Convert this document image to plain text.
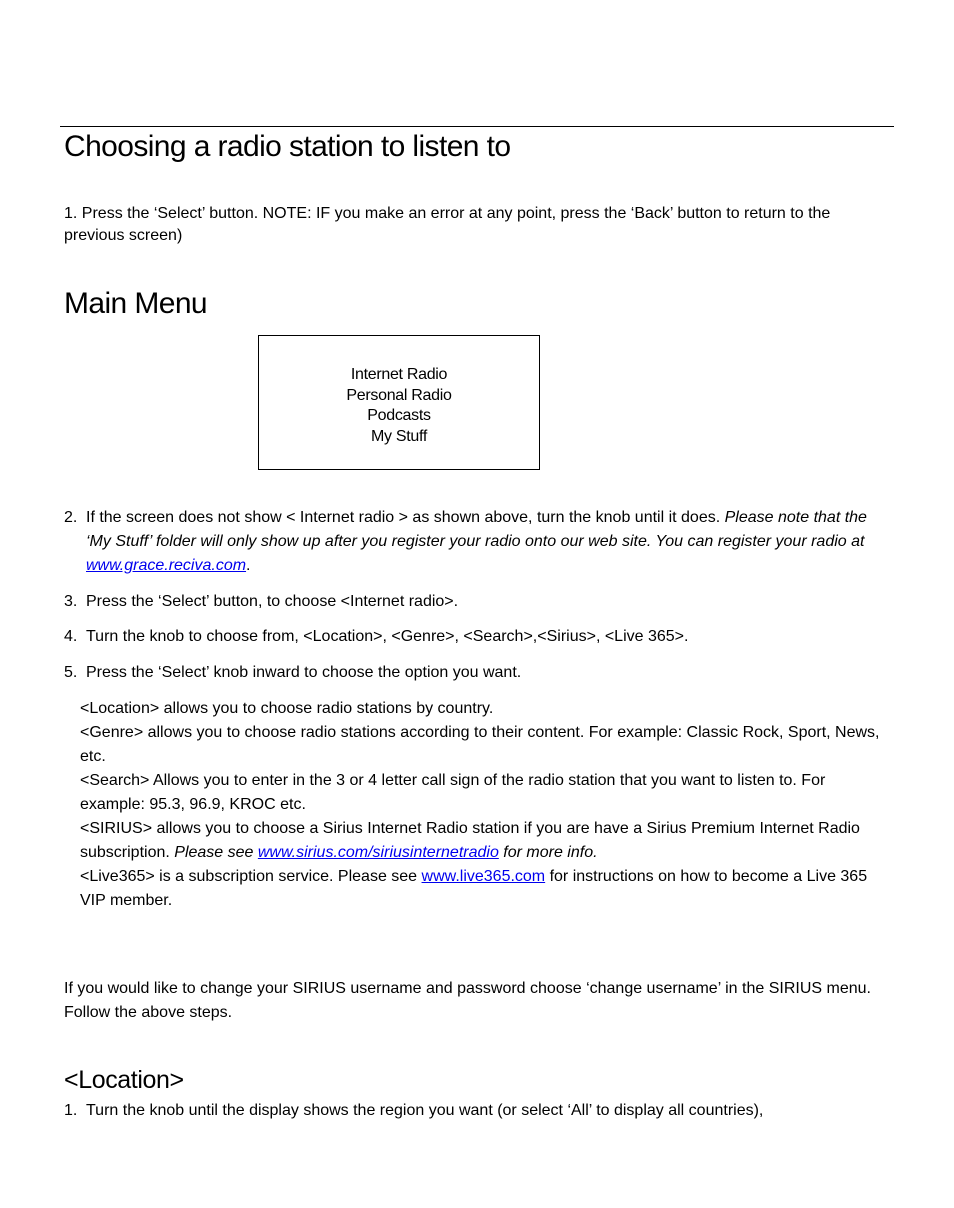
Choosing a radio station to listen to

1. Press the ‘Select’ button. NOTE: IF you make an error at any point, press the ‘Back’ button to return to the previous screen)

Main Menu
Internet Radio
Personal Radio
Podcasts
My Stuff
2. If the screen does not show < Internet radio > as shown above, turn the knob until it does. Please note that the ‘My Stuff’ folder will only show up after you register your radio onto our web site. You can register your radio at www.grace.reciva.com.
3. Press the ‘Select’ button, to choose <Internet radio>.
4. Turn the knob to choose from, <Location>, <Genre>, <Search>,<Sirius>, <Live 365>.
5. Press the ‘Select’ knob inward to choose the option you want.
<Location> allows you to choose radio stations by country.
<Genre> allows you to choose radio stations according to their content. For example: Classic Rock, Sport, News, etc.
<Search> Allows you to enter in the 3 or 4 letter call sign of the radio station that you want to listen to. For example: 95.3, 96.9, KROC etc.
<SIRIUS> allows you to choose a Sirius Internet Radio station if you are have a Sirius Premium Internet Radio subscription. Please see www.sirius.com/siriusinternetradio for more info.
<Live365> is a subscription service. Please see www.live365.com for instructions on how to become a Live 365 VIP member.

If you would like to change your SIRIUS username and password choose ‘change username’ in the SIRIUS menu. Follow the above steps.

<Location>
1. Turn the knob until the display shows the region you want (or select ‘All’ to display all countries),
